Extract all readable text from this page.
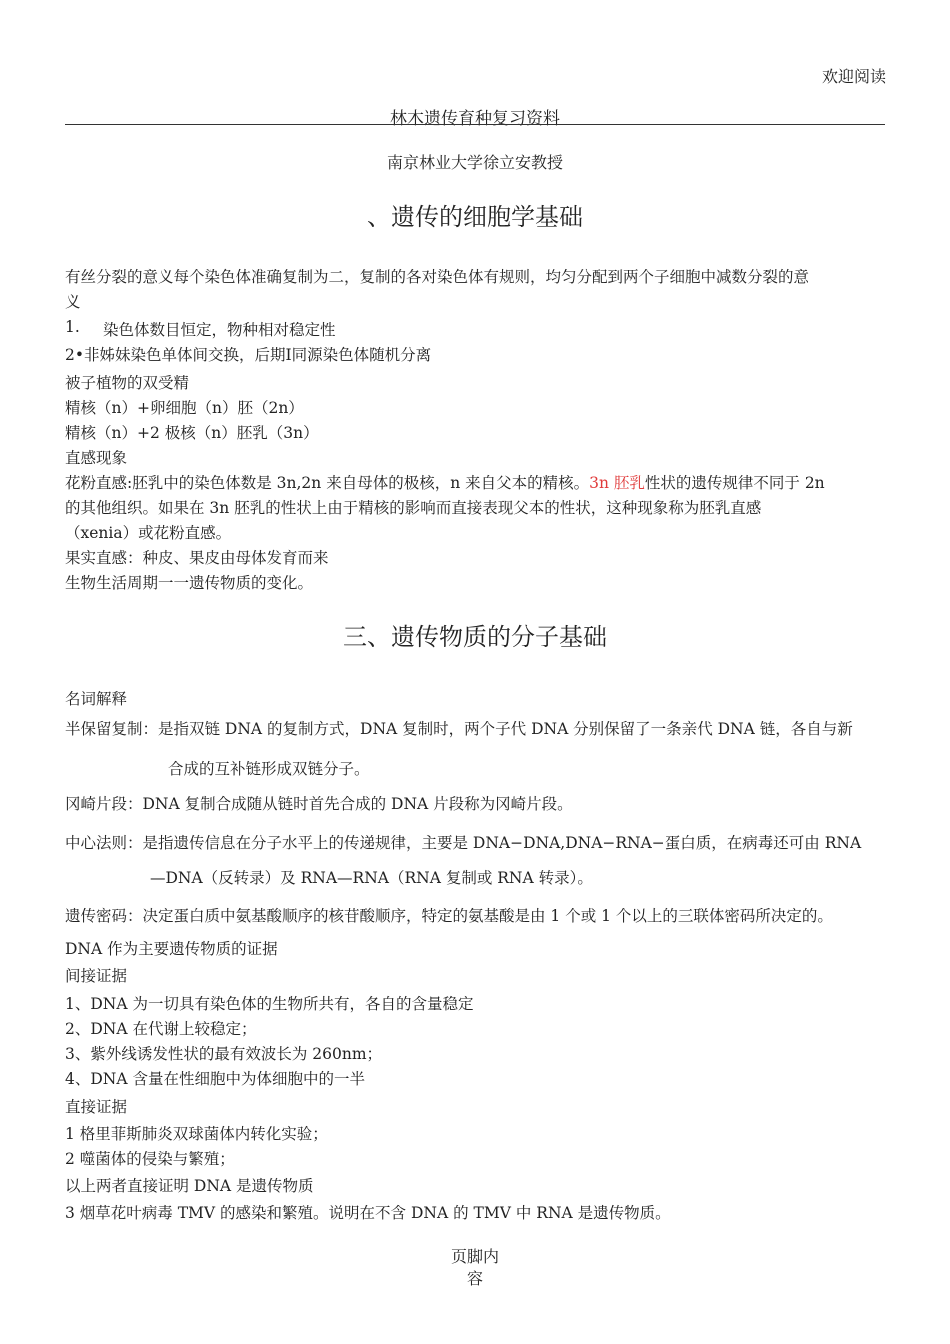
欢迎阅读
林木遗传育种复习资料
南京林业大学徐立安教授
、遗传的细胞学基础
有丝分裂的意义每个染色体准确复制为二，复制的各对染色体有规则，均匀分配到两个子细胞中减数分裂的意
义
1. 染色体数目恒定，物种相对稳定性
2•非姊妹染色单体间交换，后期Ⅰ同源染色体随机分离
被子植物的双受精
精核（n）+卵细胞（n）胚（2n）
精核（n）+2 极核（n）胚乳（3n）
直感现象
花粉直感:胚乳中的染色体数是 3n,2n 来自母体的极核，n 来自父本的精核。3n 胚乳性状的遗传规律不同于 2n
的其他组织。如果在 3n 胚乳的性状上由于精核的影响而直接表现父本的性状，这种现象称为胚乳直感
（xenia）或花粉直感。
果实直感：种皮、果皮由母体发育而来
生物生活周期一一遗传物质的变化。
三、遗传物质的分子基础
名词解释
半保留复制：是指双链 DNA 的复制方式，DNA 复制时，两个子代 DNA 分别保留了一条亲代 DNA 链，各自与新
合成的互补链形成双链分子。
冈崎片段：DNA 复制合成随从链时首先合成的 DNA 片段称为冈崎片段。
中心法则：是指遗传信息在分子水平上的传递规律，主要是 DNA−DNA,DNA−RNA−蛋白质，在病毒还可由 RNA
—DNA（反转录）及 RNA—RNA（RNA 复制或 RNA 转录）。
遗传密码：决定蛋白质中氨基酸顺序的核苷酸顺序，特定的氨基酸是由 1 个或 1 个以上的三联体密码所决定的。
DNA 作为主要遗传物质的证据
间接证据
1、DNA 为一切具有染色体的生物所共有，各自的含量稳定
2、DNA 在代谢上较稳定；
3、紫外线诱发性状的最有效波长为 260nm；
4、DNA 含量在性细胞中为体细胞中的一半
直接证据
1 格里菲斯肺炎双球菌体内转化实验；
2 噬菌体的侵染与繁殖；
以上两者直接证明 DNA 是遗传物质
3 烟草花叶病毒 TMV 的感染和繁殖。说明在不含 DNA 的 TMV 中 RNA 是遗传物质。
页脚内
容
